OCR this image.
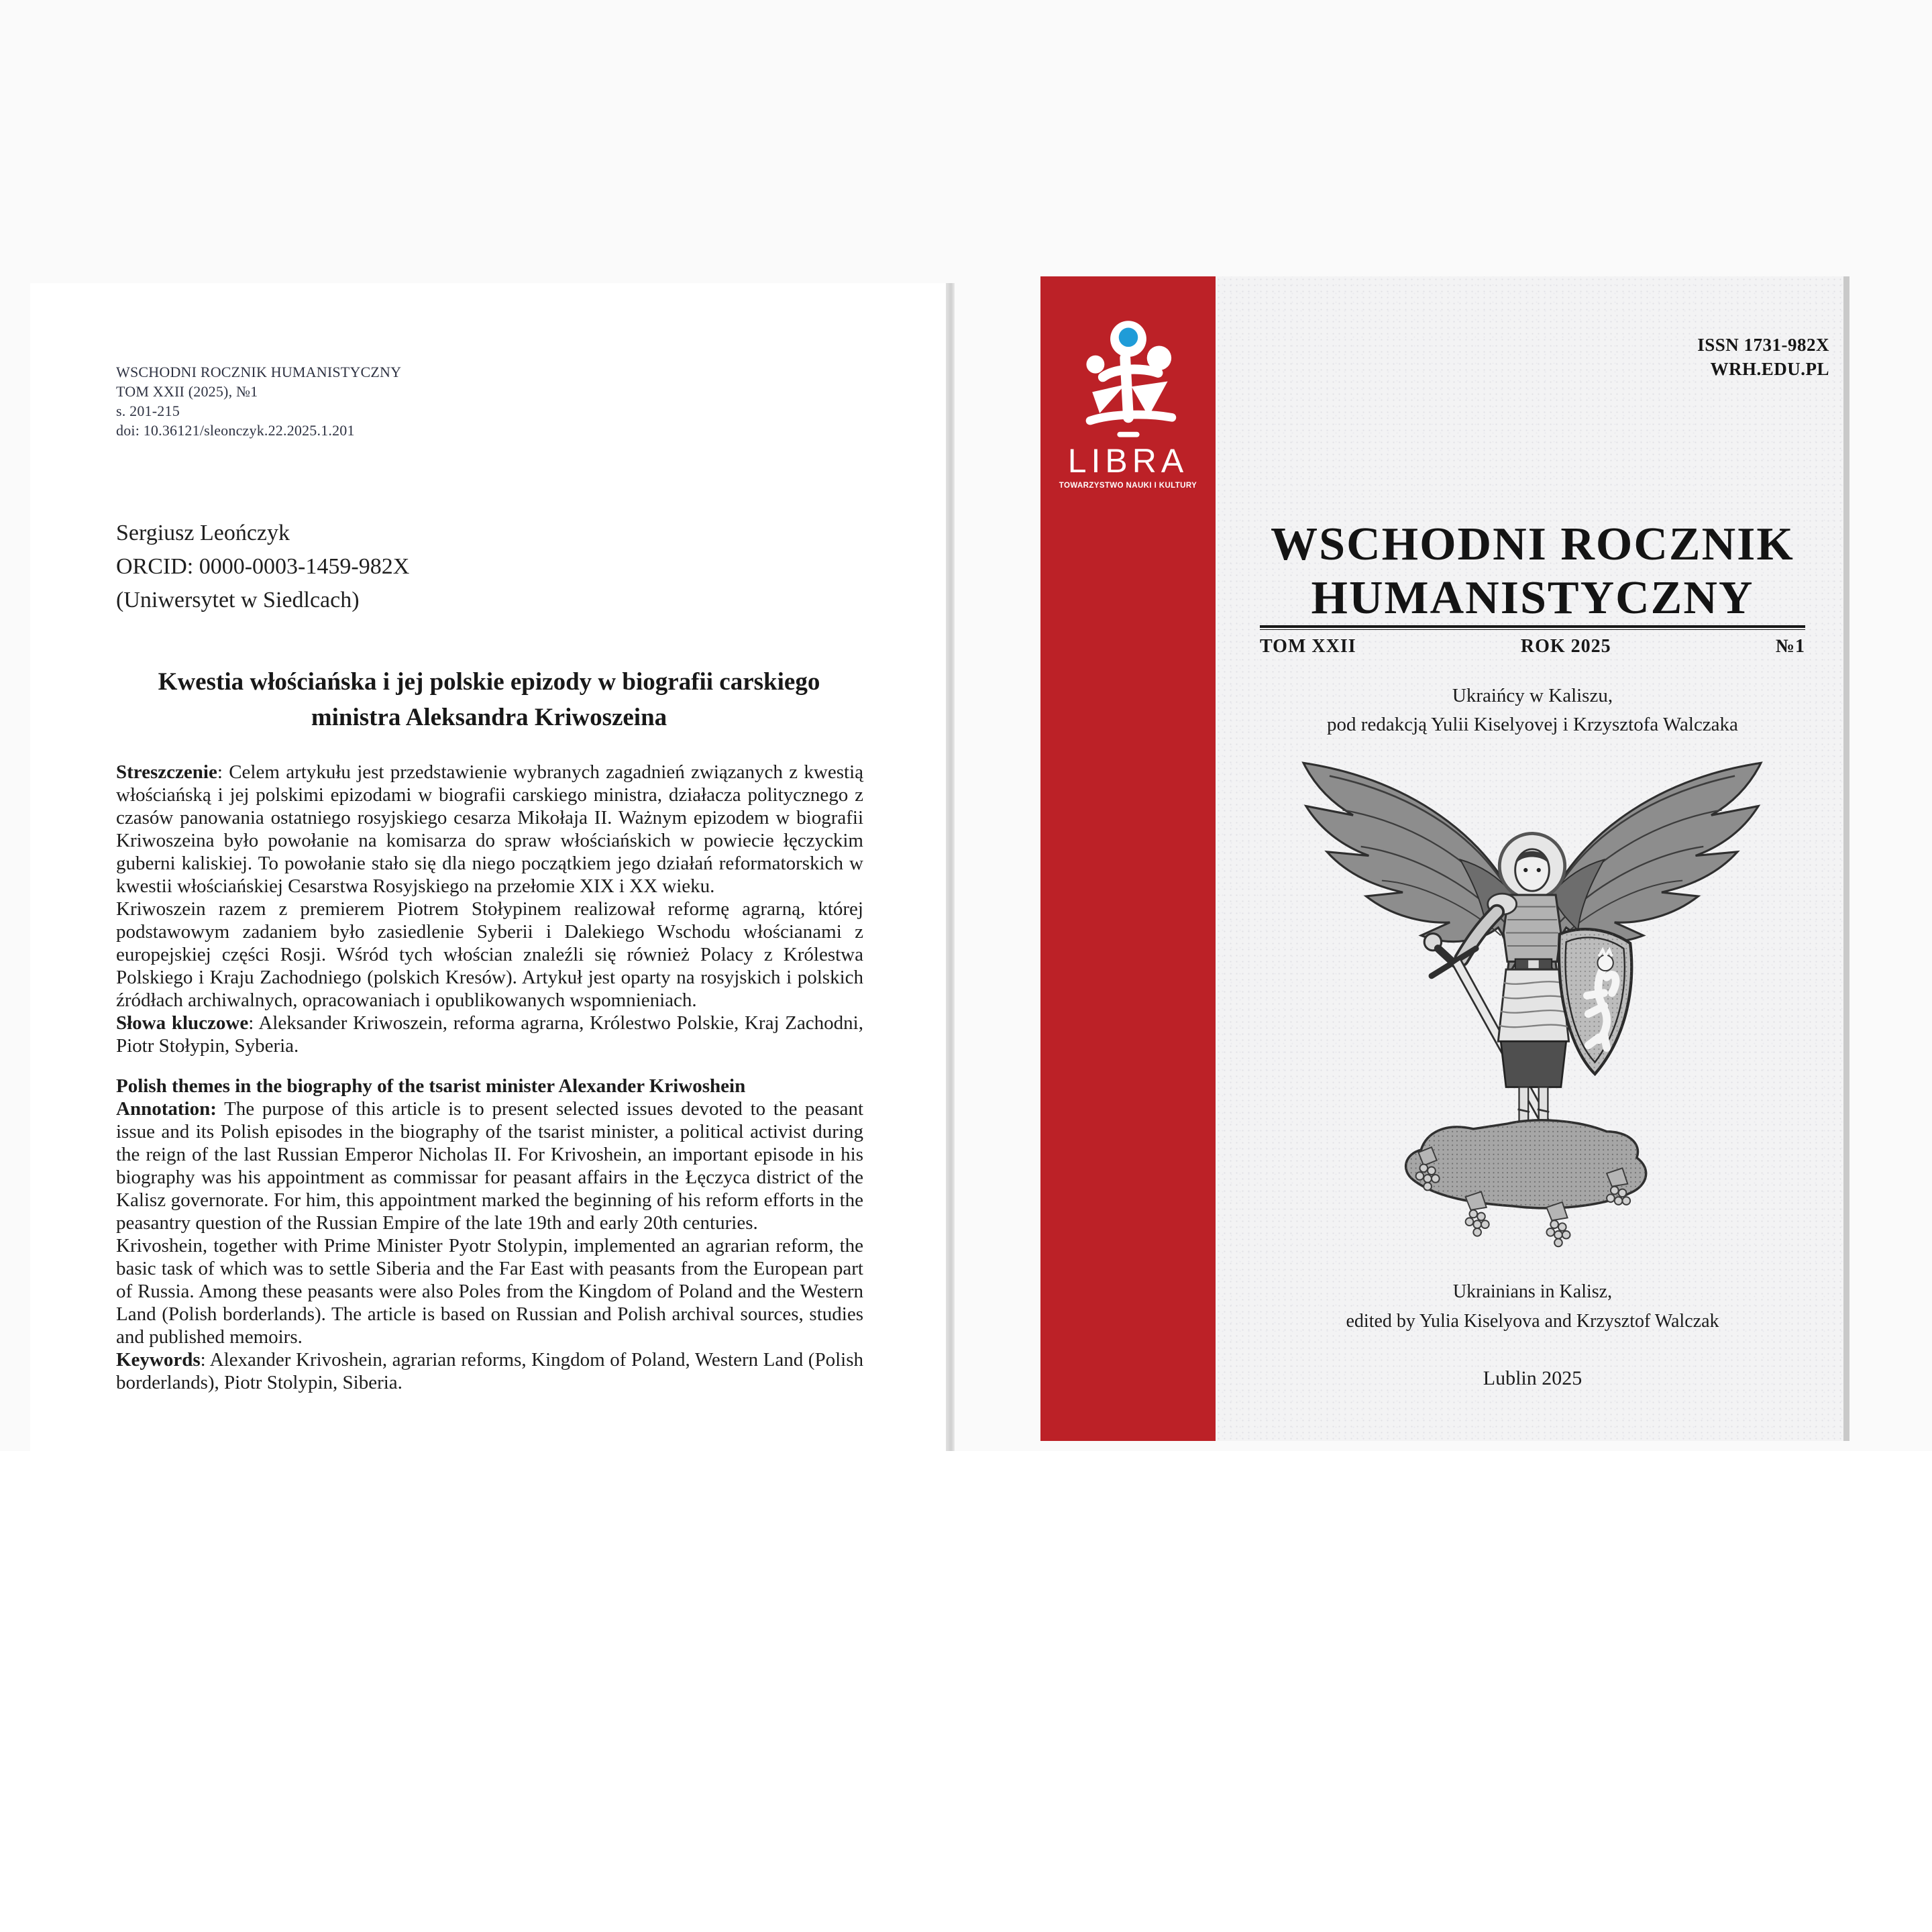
WSCHODNI ROCZNIK HUMANISTYCZNY
TOM XXII (2025), №1
s. 201-215
doi: 10.36121/sleonczyk.22.2025.1.201
Sergiusz Leończyk
ORCID: 0000-0003-1459-982X
(Uniwersytet w Siedlcach)
Kwestia włościańska i jej polskie epizody w biografii carskiego
ministra Aleksandra Kriwoszeina

Streszczenie: Celem artykułu jest przedstawienie wybranych zagadnień związanych z kwestią włościańską i jej polskimi epizodami w biografii carskiego ministra, działacza politycznego z czasów panowania ostatniego rosyjskiego cesarza Mikołaja II. Ważnym epizodem w biografii Kriwoszeina było powołanie na komisarza do spraw włościańskich w powiecie łęczyckim guberni kaliskiej. To powołanie stało się dla niego początkiem jego działań reformatorskich w kwestii włościańskiej Cesarstwa Rosyjskiego na przełomie XIX i XX wieku.

Kriwoszein razem z premierem Piotrem Stołypinem realizował reformę agrarną, której podstawowym zadaniem było zasiedlenie Syberii i Dalekiego Wschodu włościanami z europejskiej części Rosji. Wśród tych włościan znaleźli się również Polacy z Królestwa Polskiego i Kraju Zachodniego (polskich Kresów). Artykuł jest oparty na rosyjskich i polskich źródłach archiwalnych, opracowaniach i opublikowanych wspomnieniach.

Słowa kluczowe: Aleksander Kriwoszein, reforma agrarna, Królestwo Polskie, Kraj Zachodni, Piotr Stołypin, Syberia.

Polish themes in the biography of the tsarist minister Alexander Kriwoshein

Annotation: The purpose of this article is to present selected issues devoted to the peasant issue and its Polish episodes in the biography of the tsarist minister, a political activist during the reign of the last Russian Emperor Nicholas II. For Krivoshein, an important episode in his biography was his appointment as commissar for peasant affairs in the Łęczyca district of the Kalisz governorate. For him, this appointment marked the beginning of his reform efforts in the peasantry question of the Russian Empire of the late 19th and early 20th centuries.

Krivoshein, together with Prime Minister Pyotr Stolypin, implemented an agrarian reform, the basic task of which was to settle Siberia and the Far East with peasants from the European part of Russia. Among these peasants were also Poles from the Kingdom of Poland and the Western Land (Polish borderlands). The article is based on Russian and Polish archival sources, studies and published memoirs.

Keywords: Alexander Krivoshein, agrarian reforms, Kingdom of Poland, Western Land (Polish borderlands), Piotr Stolypin, Siberia.

LIBRA
TOWARZYSTWO NAUKI I KULTURY
ISSN 1731-982X
WRH.EDU.PL
WSCHODNI ROCZNIK
HUMANISTYCZNY
TOM XXII	ROK 2025	№1
Ukraińcy w Kaliszu,
pod redakcją Yulii Kiselyovej i Krzysztofa Walczaka
Ukrainians in Kalisz,
edited by Yulia Kiselyova and Krzysztof Walczak
Lublin 2025
